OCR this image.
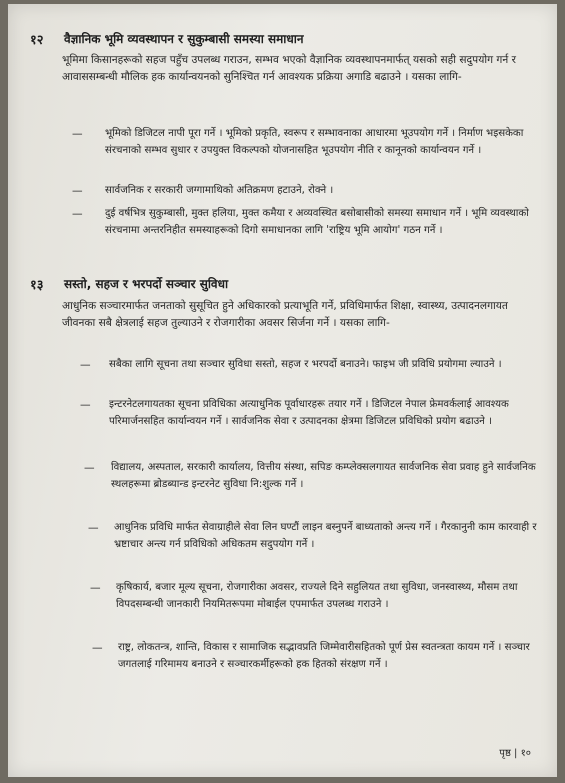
१२ वैज्ञानिक भूमि व्यवस्थापन र सुकुम्बासी समस्या समाधान
भूमिमा किसानहरूको सहज पहुँच उपलब्ध गराउन, सम्भव भएको वैज्ञानिक व्यवस्थापनमार्फत् यसको सही सदुपयोग गर्न र आवाससम्बन्धी मौलिक हक कार्यान्वयनको सुनिश्चित गर्न आवश्यक प्रक्रिया अगाडि बढाउने । यसका लागि-
— भूमिको डिजिटल नापी पूरा गर्ने । भूमिको प्रकृति, स्वरूप र सम्भावनाका आधारमा भूउपयोग गर्ने । निर्माण भइसकेका संरचनाको सम्भव सुधार र उपयुक्त विकल्पको योजनासहित भूउपयोग नीति र कानूनको कार्यान्वयन गर्ने ।
— सार्वजनिक र सरकारी जग्गामाथिको अतिक्रमण हटाउने, रोक्ने ।
— दुई वर्षभित्र सुकुम्बासी, मुक्त हलिया, मुक्त कमैया र अव्यवस्थित बसोबासीको समस्या समाधान गर्ने । भूमि व्यवस्थाको संरचनामा अन्तरनिहीत समस्याहरूको दिगो समाधानका लागि 'राष्ट्रिय भूमि आयोग' गठन गर्ने ।
१३ सस्तो, सहज र भरपर्दो सञ्चार सुविधा
आधुनिक सञ्चारमार्फत जनताको सुसूचित हुने अधिकारको प्रत्याभूति गर्ने, प्रविधिमार्फत शिक्षा, स्वास्थ्य, उत्पादनलगायत जीवनका सबै क्षेत्रलाई सहज तुल्याउने र रोजगारीका अवसर सिर्जना गर्ने । यसका लागि-
— सबैका लागि सूचना तथा सञ्चार सुविधा सस्तो, सहज र भरपर्दो बनाउने। फाइभ जी प्रविधि प्रयोगमा ल्याउने ।
— इन्टरनेटलगायतका सूचना प्रविधिका अत्याधुनिक पूर्वाधारहरू तयार गर्ने । डिजिटल नेपाल फ्रेमवर्कलाई आवश्यक परिमार्जनसहित कार्यान्वयन गर्ने । सार्वजनिक सेवा र उत्पादनका क्षेत्रमा डिजिटल प्रविधिको प्रयोग बढाउने ।
— विद्यालय, अस्पताल, सरकारी कार्यालय, वित्तीय संस्था, सपिङ कम्प्लेक्सलगायत सार्वजनिक सेवा प्रवाह हुने सार्वजनिक स्थलहरूमा ब्रोडब्यान्ड इन्टरनेट सुविधा नि:शुल्क गर्ने ।
— आधुनिक प्रविधि मार्फत सेवाग्राहीले सेवा लिन घण्टौं लाइन बस्नुपर्ने बाध्यताको अन्त्य गर्ने । गैरकानुनी काम कारवाही र भ्रष्टाचार अन्त्य गर्न प्रविधिको अधिकतम सदुपयोग गर्ने ।
— कृषिकार्य, बजार मूल्य सूचना, रोजगारीका अवसर, राज्यले दिने सहुलियत तथा सुविधा, जनस्वास्थ्य, मौसम तथा विपदसम्बन्धी जानकारी नियमितरूपमा मोबाईल एपमार्फत उपलब्ध गराउने ।
— राष्ट्र, लोकतन्त्र, शान्ति, विकास र सामाजिक सद्भावप्रति जिम्मेवारीसहितको पूर्ण प्रेस स्वतन्त्रता कायम गर्ने । सञ्चार जगतलाई गरिमामय बनाउने र सञ्चारकर्मीहरूको हक हितको संरक्षण गर्ने ।
पृष्ठ | १०
